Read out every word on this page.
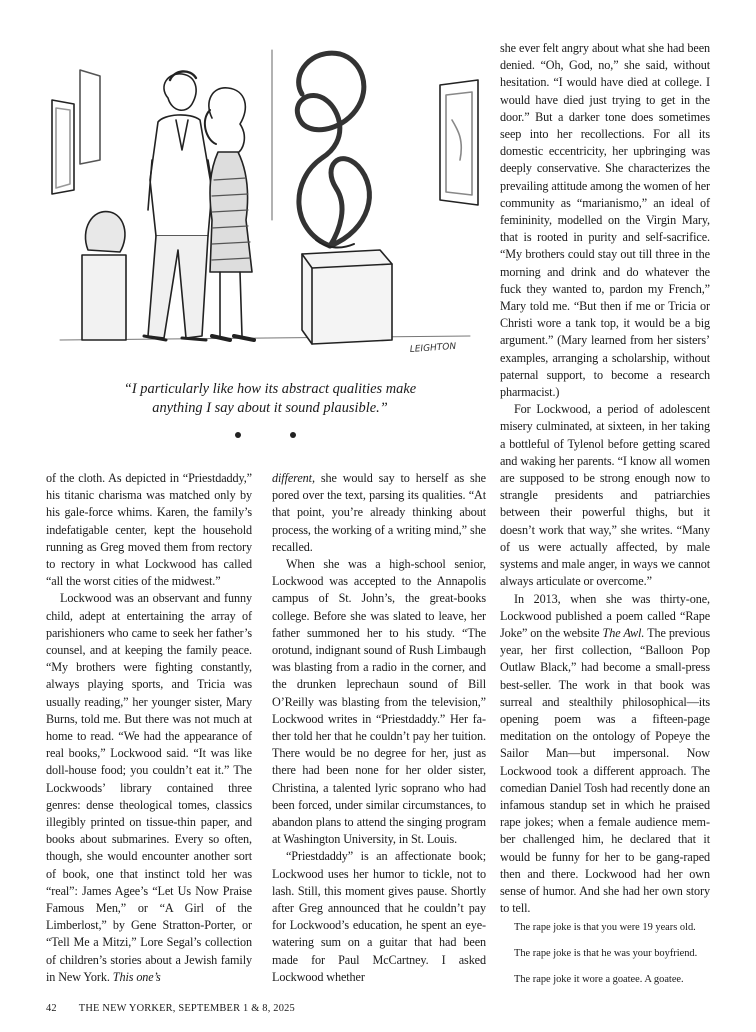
LEIGHTON
“I particularly like how its abstract qualities make
anything I say about it sound plausible.”

of the cloth. As depicted in “Priestdaddy,” his titanic charisma was matched only by his gale-force whims. Karen, the family’s indefatigable center, kept the household running as Greg moved them from rectory to rectory in what Lockwood has called “all the worst cities of the midwest.”

Lockwood was an observant and funny child, adept at entertaining the array of parishioners who came to seek her father’s counsel, and at keeping the family peace. “My brothers were fighting constantly, always playing sports, and Tricia was usually reading,” her younger sister, Mary Burns, told me. But there was not much at home to read. “We had the appearance of real books,” Lockwood said. “It was like doll-house food; you couldn’t eat it.” The Lockwoods’ library contained three genres: dense theological tomes, classics illegibly printed on tissue-thin paper, and books about submarines. Every so often, though, she would encounter another sort of book, one that instinct told her was “real”: James Agee’s “Let Us Now Praise Famous Men,” or “A Girl of the Limberlost,” by Gene Stratton-Porter, or “Tell Me a Mitzi,” Lore Segal’s collection of children’s stories about a Jewish family in New York. This one’s

different, she would say to herself as she pored over the text, parsing its qualities. “At that point, you’re already thinking about process, the working of a writing mind,” she recalled.

When she was a high-school senior, Lockwood was accepted to the Annapolis campus of St. John’s, the great-books college. Before she was slated to leave, her father summoned her to his study. “The orotund, indignant sound of Rush Limbaugh was blasting from a radio in the corner, and the drunken leprechaun sound of Bill O’Reilly was blasting from the television,” Lockwood writes in “Priestdaddy.” Her father told her that he couldn’t pay her tuition. There would be no degree for her, just as there had been none for her older sister, Christina, a talented lyric soprano who had been forced, under similar circumstances, to abandon plans to attend the singing program at Washington University, in St. Louis.

“Priestdaddy” is an affectionate book; Lockwood uses her humor to tickle, not to lash. Still, this moment gives pause. Shortly after Greg announced that he couldn’t pay for Lockwood’s education, he spent an eye-watering sum on a guitar that had been made for Paul McCartney. I asked Lockwood whether

she ever felt angry about what she had been denied. “Oh, God, no,” she said, without hesitation. “I would have died at college. I would have died just trying to get in the door.” But a darker tone does sometimes seep into her recollections. For all its domestic eccentricity, her upbringing was deeply conservative. She characterizes the prevailing attitude among the women of her community as “marianismo,” an ideal of femininity, modelled on the Virgin Mary, that is rooted in purity and self-sacrifice. “My brothers could stay out till three in the morning and drink and do whatever the fuck they wanted to, pardon my French,” Mary told me. “But then if me or Tricia or Christi wore a tank top, it would be a big argument.” (Mary learned from her sisters’ examples, arranging a scholarship, without paternal support, to become a research pharmacist.)

For Lockwood, a period of adolescent misery culminated, at sixteen, in her taking a bottleful of Tylenol before getting scared and waking her parents. “I know all women are supposed to be strong enough now to strangle presidents and patriarchies between their powerful thighs, but it doesn’t work that way,” she writes. “Many of us were actually affected, by male systems and male anger, in ways we cannot always articulate or overcome.”

In 2013, when she was thirty-one, Lockwood published a poem called “Rape Joke” on the website The Awl. The previous year, her first collection, “Balloon Pop Outlaw Black,” had become a small-press best-seller. The work in that book was surreal and stealthily philosophical—its opening poem was a fifteen-page meditation on the ontology of Popeye the Sailor Man—but impersonal. Now Lockwood took a different approach. The comedian Daniel Tosh had recently done an infamous standup set in which he praised rape jokes; when a female audience member challenged him, he declared that it would be funny for her to be gang-raped then and there. Lockwood had her own sense of humor. And she had her own story to tell.

The rape joke is that you were 19 years old.
The rape joke is that he was your boyfriend.
The rape joke it wore a goatee. A goatee.
42 THE NEW YORKER, SEPTEMBER 1 & 8, 2025
